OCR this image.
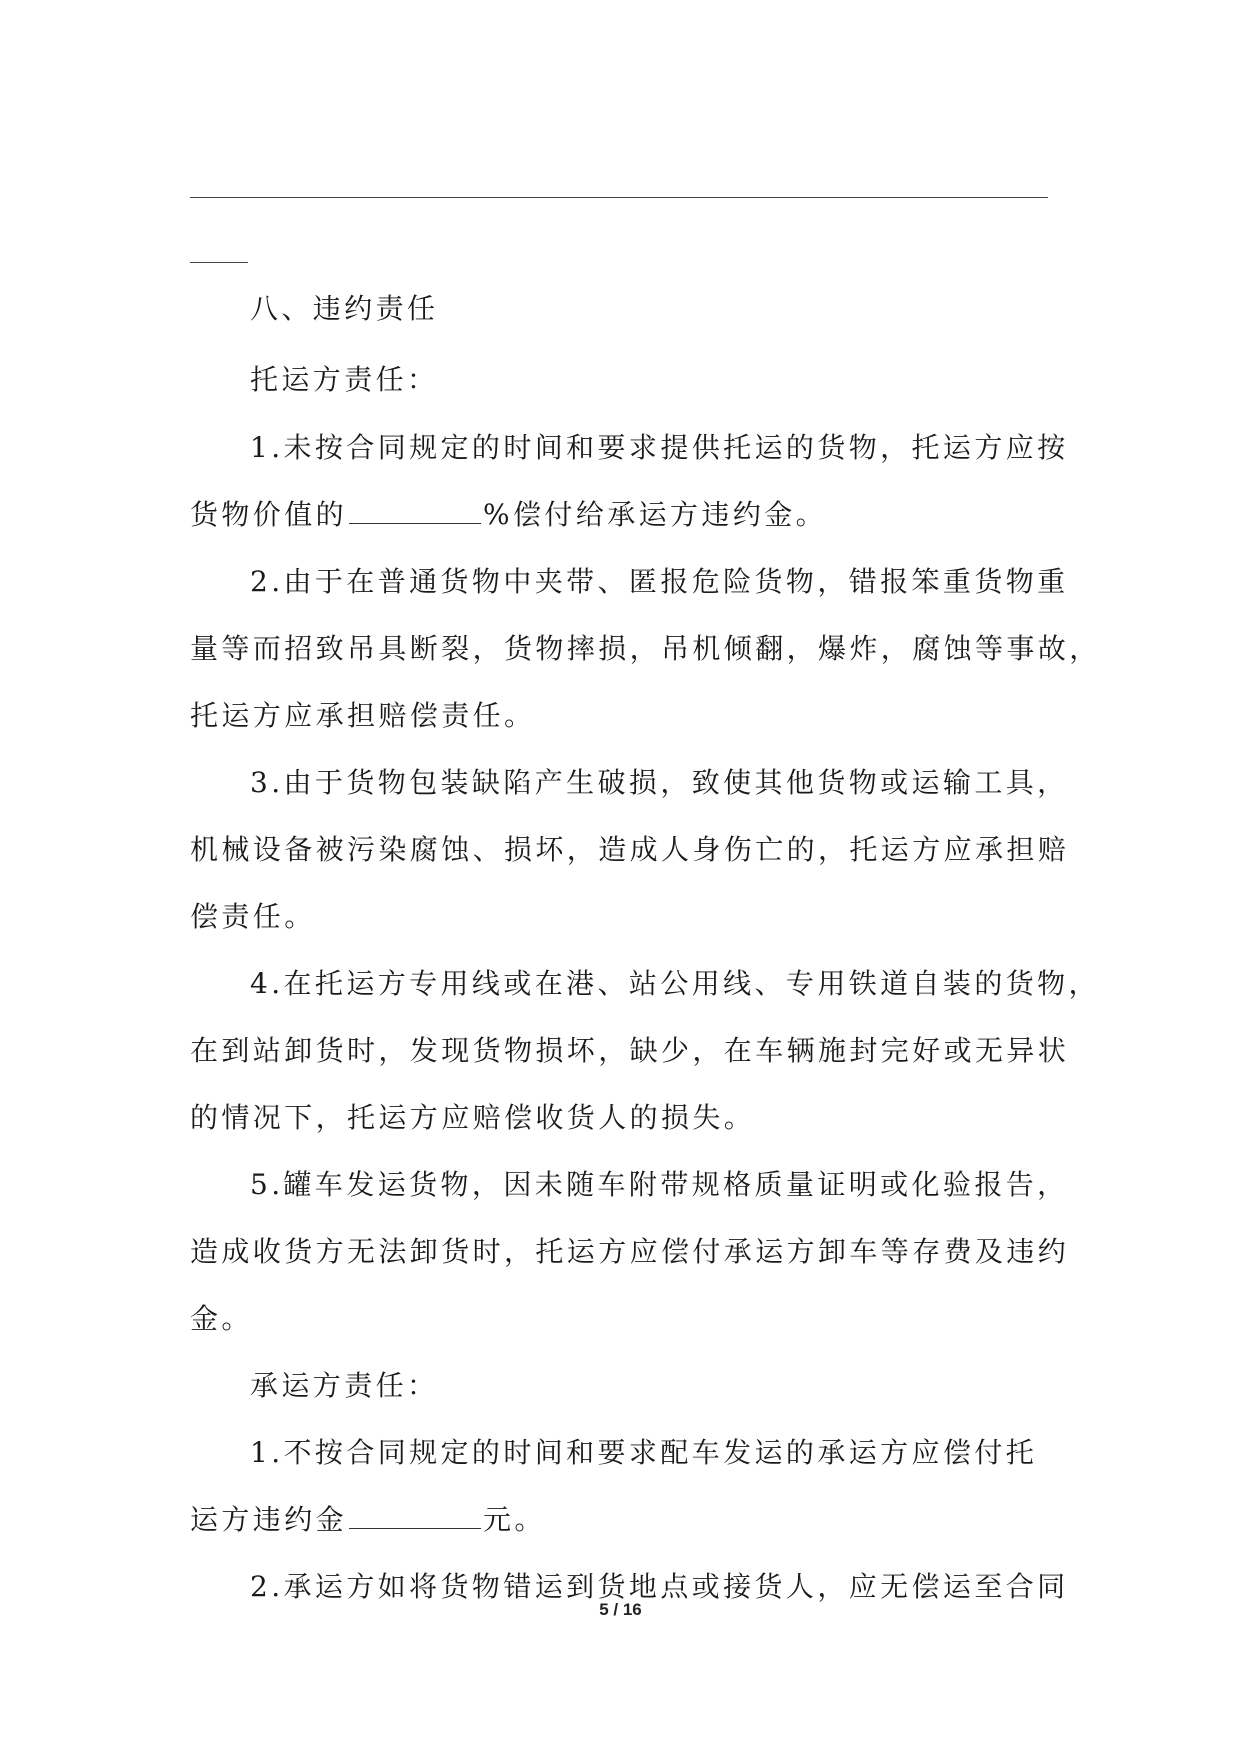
八、违约责任
托运方责任：
1.未按合同规定的时间和要求提供托运的货物，托运方应按
货物价值的	%偿付给承运方违约金。
2.由于在普通货物中夹带、匿报危险货物，错报笨重货物重
量等而招致吊具断裂，货物摔损，吊机倾翻，爆炸，腐蚀等事故，
托运方应承担赔偿责任。
3.由于货物包装缺陷产生破损，致使其他货物或运输工具，
机械设备被污染腐蚀、损坏，造成人身伤亡的，托运方应承担赔
偿责任。
4.在托运方专用线或在港、站公用线、专用铁道自装的货物，
在到站卸货时，发现货物损坏，缺少，在车辆施封完好或无异状
的情况下，托运方应赔偿收货人的损失。
5.罐车发运货物，因未随车附带规格质量证明或化验报告，
造成收货方无法卸货时，托运方应偿付承运方卸车等存费及违约
金。
承运方责任：
1.不按合同规定的时间和要求配车发运的承运方应偿付托
运方违约金	元。
2.承运方如将货物错运到货地点或接货人，应无偿运至合同
5 / 16
